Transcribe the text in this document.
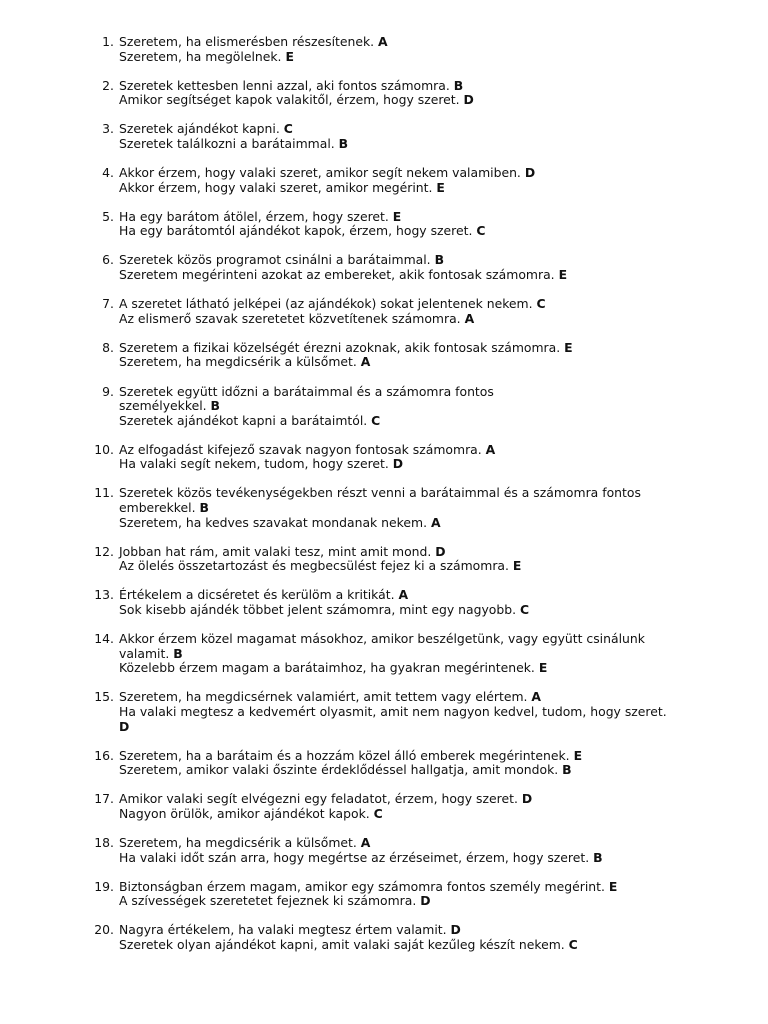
1. Szeretem, ha elismerésben részesítenek. A
Szeretem, ha megölelnek. E
2. Szeretek kettesben lenni azzal, aki fontos számomra. B
Amikor segítséget kapok valakitől, érzem, hogy szeret. D
3. Szeretek ajándékot kapni. C
Szeretek találkozni a barátaimmal. B
4. Akkor érzem, hogy valaki szeret, amikor segít nekem valamiben. D
Akkor érzem, hogy valaki szeret, amikor megérint. E
5. Ha egy barátom átölel, érzem, hogy szeret. E
Ha egy barátomtól ajándékot kapok, érzem, hogy szeret. C
6. Szeretek közös programot csinálni a barátaimmal. B
Szeretem megérinteni azokat az embereket, akik fontosak számomra. E
7. A szeretet látható jelképei (az ajándékok) sokat jelentenek nekem. C
Az elismerő szavak szeretetet közvetítenek számomra. A
8. Szeretem a fizikai közelségét érezni azoknak, akik fontosak számomra. E
Szeretem, ha megdicsérik a külsőmet. A
9. Szeretek együtt időzni a barátaimmal és a számomra fontos
személyekkel. B
Szeretek ajándékot kapni a barátaimtól. C
10. Az elfogadást kifejező szavak nagyon fontosak számomra. A
Ha valaki segít nekem, tudom, hogy szeret. D
11. Szeretek közös tevékenységekben részt venni a barátaimmal és a számomra fontos
emberekkel. B
Szeretem, ha kedves szavakat mondanak nekem. A
12. Jobban hat rám, amit valaki tesz, mint amit mond. D
Az ölelés összetartozást és megbecsülést fejez ki a számomra. E
13. Értékelem a dicséretet és kerülöm a kritikát. A
Sok kisebb ajándék többet jelent számomra, mint egy nagyobb. C
14. Akkor érzem közel magamat másokhoz, amikor beszélgetünk, vagy együtt csinálunk
valamit. B
Közelebb érzem magam a barátaimhoz, ha gyakran megérintenek. E
15. Szeretem, ha megdicsérnek valamiért, amit tettem vagy elértem. A
Ha valaki megtesz a kedvemért olyasmit, amit nem nagyon kedvel, tudom, hogy szeret.
D
16. Szeretem, ha a barátaim és a hozzám közel álló emberek megérintenek. E
Szeretem, amikor valaki őszinte érdeklődéssel hallgatja, amit mondok. B
17. Amikor valaki segít elvégezni egy feladatot, érzem, hogy szeret. D
Nagyon örülök, amikor ajándékot kapok. C
18. Szeretem, ha megdicsérik a külsőmet. A
Ha valaki időt szán arra, hogy megértse az érzéseimet, érzem, hogy szeret. B
19. Biztonságban érzem magam, amikor egy számomra fontos személy megérint. E
A szívességek szeretetet fejeznek ki számomra. D
20. Nagyra értékelem, ha valaki megtesz értem valamit. D
Szeretek olyan ajándékot kapni, amit valaki saját kezűleg készít nekem. C
